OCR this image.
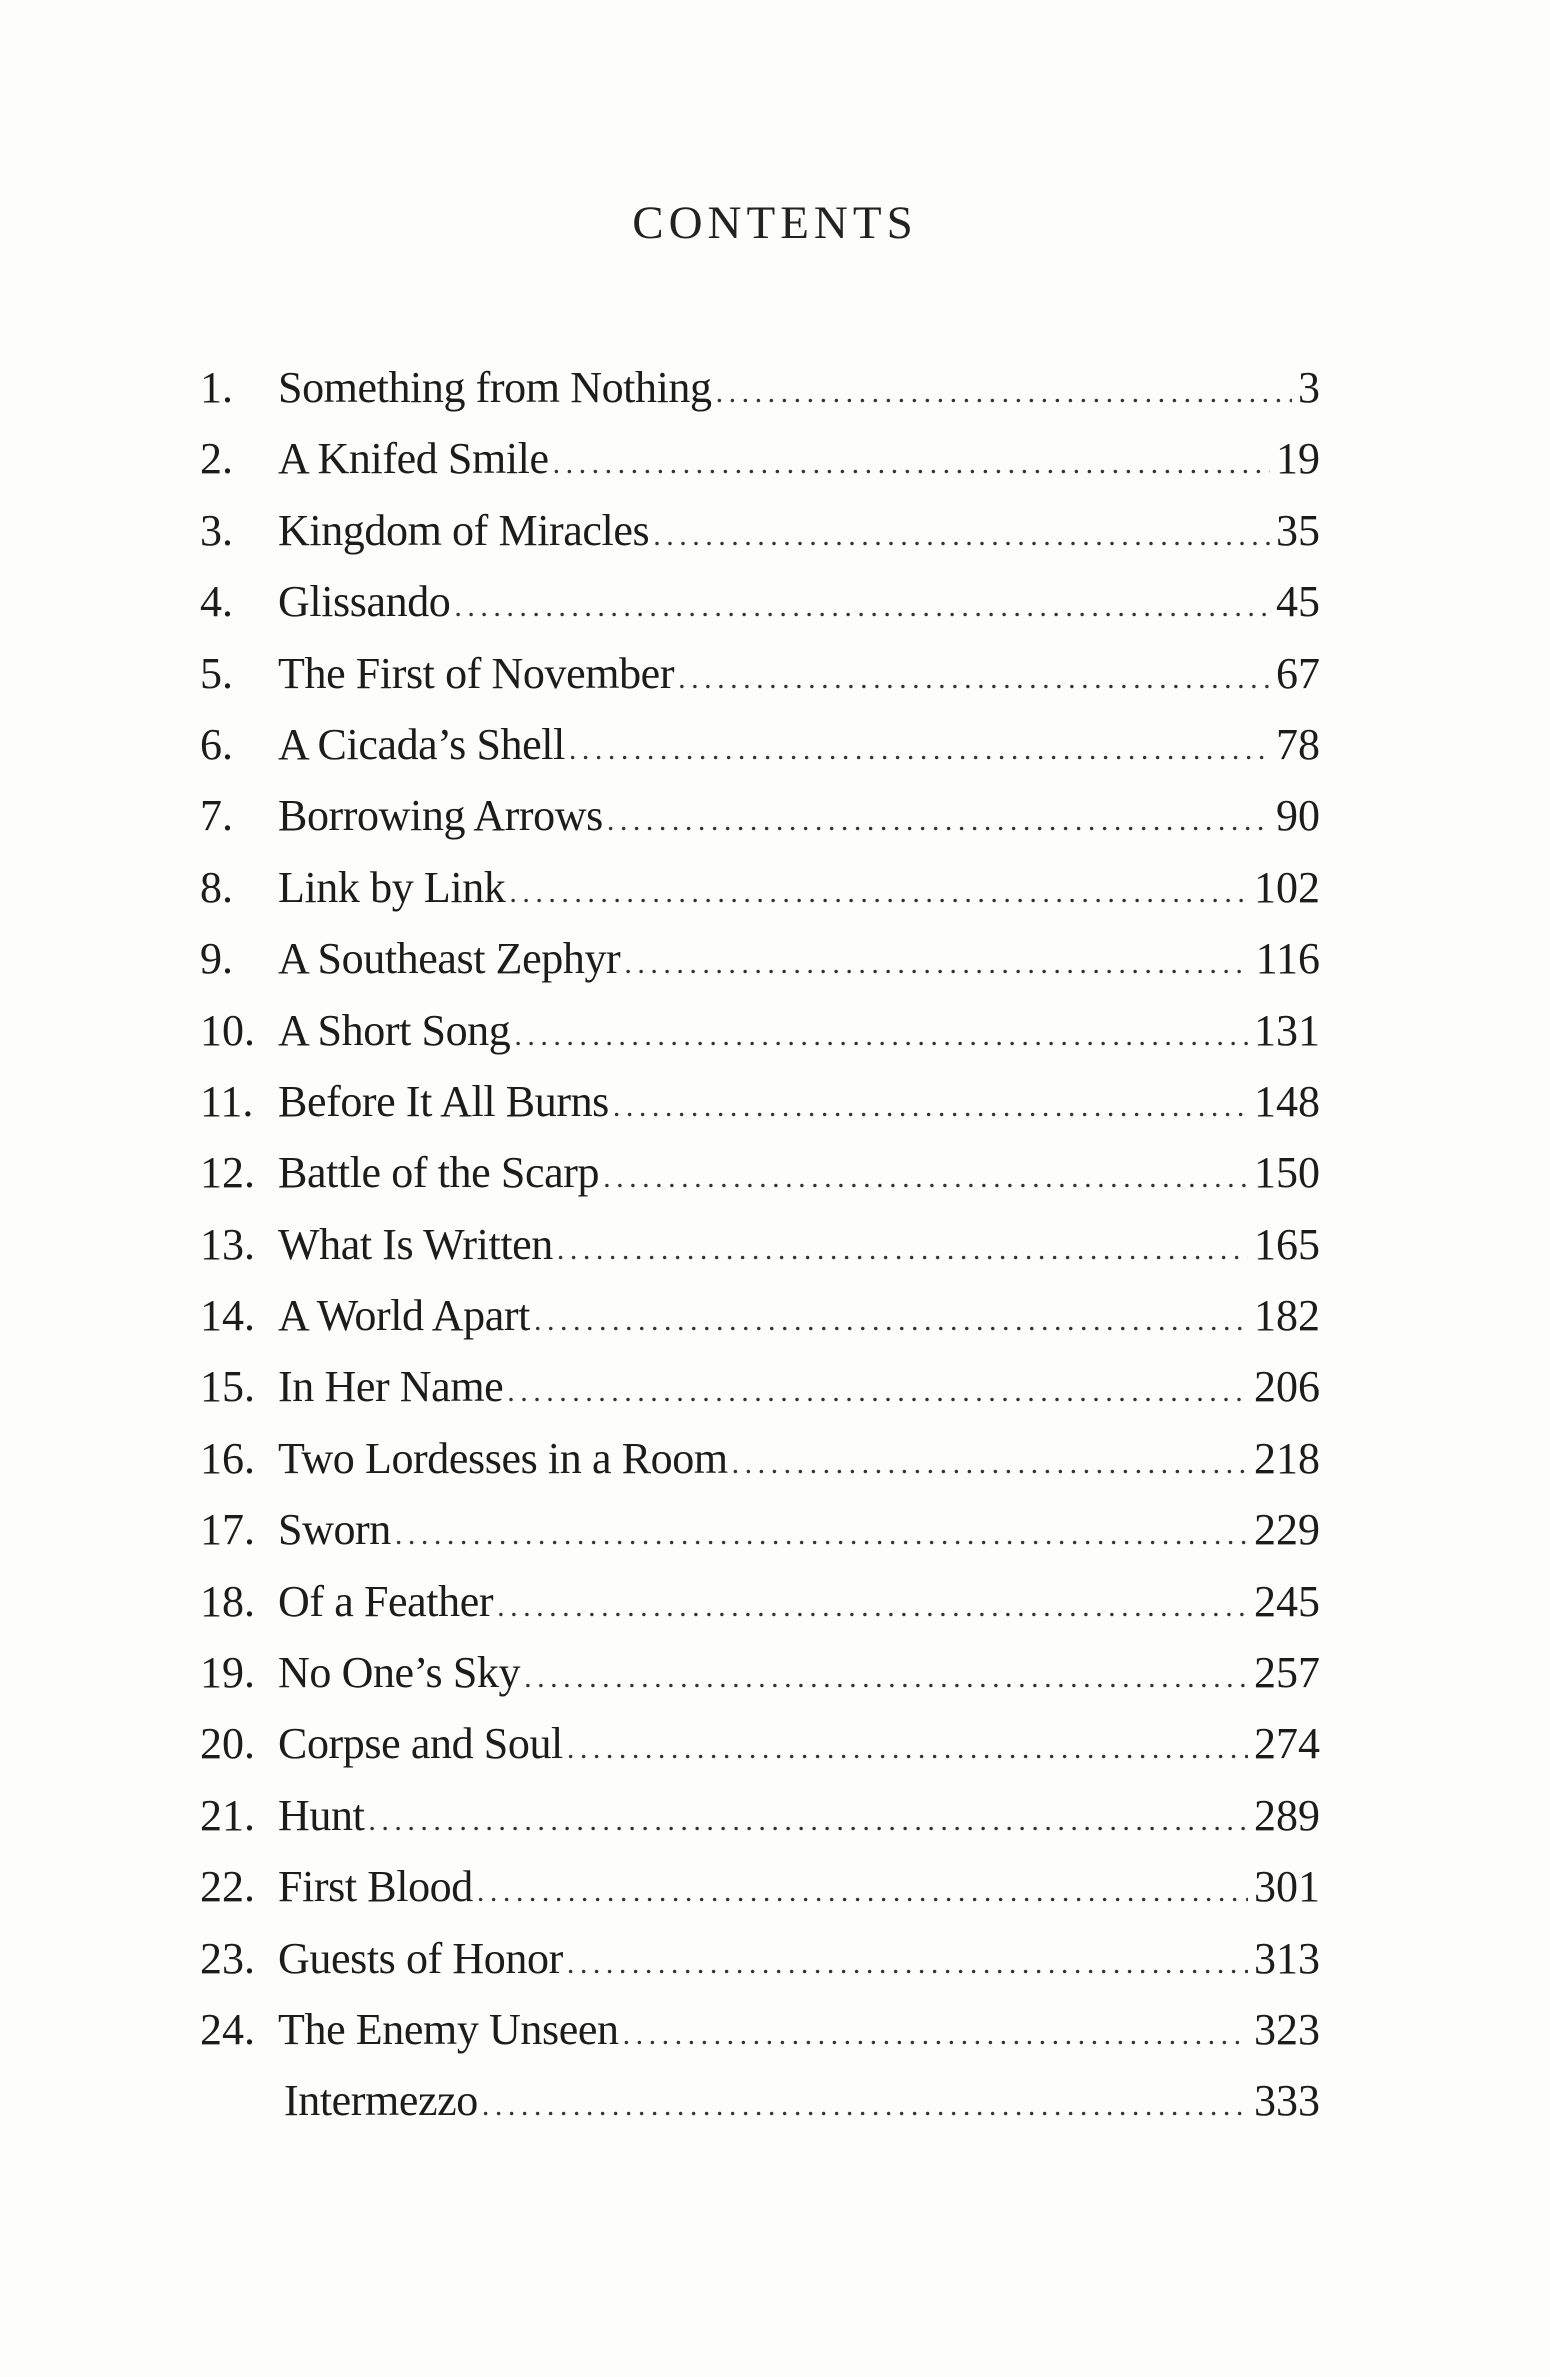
CONTENTS
1.	Something from Nothing .....	3
2.	A Knifed Smile .....	19
3.	Kingdom of Miracles .....	35
4.	Glissando .....	45
5.	The First of November .....	67
6.	A Cicada’s Shell .....	78
7.	Borrowing Arrows .....	90
8.	Link by Link .....	102
9.	A Southeast Zephyr .....	116
10. A Short Song .....	131
11. Before It All Burns .....	148
12. Battle of the Scarp .....	150
13. What Is Written .....	165
14. A World Apart .....	182
15. In Her Name .....	206
16. Two Lordesses in a Room .....	218
17. Sworn .....	229
18. Of a Feather .....	245
19. No One’s Sky .....	257
20. Corpse and Soul .....	274
21. Hunt .....	289
22. First Blood .....	301
23. Guests of Honor .....	313
24. The Enemy Unseen .....	323
Intermezzo .....	333
